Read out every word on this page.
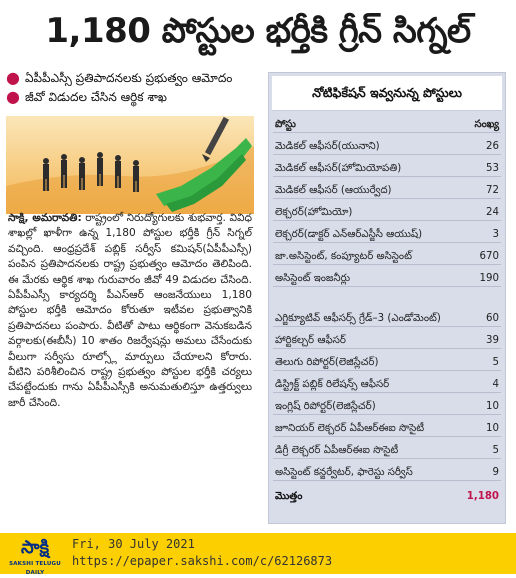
1,180 పోస్టుల భర్తీకి గ్రీన్ సిగ్నల్
● ఏపీపీఎస్సీ ప్రతిపాదనలకు ప్రభుత్వం ఆమోదం
● జీవో విడుదల చేసిన ఆర్థిక శాఖ
సాక్షి, అమరావతి: రాష్ట్రంలో నిరుద్యోగులకు శుభవార్త. వివిధ శాఖల్లో ఖాళీగా ఉన్న 1,180 పోస్టుల భర్తీకి గ్రీన్ సిగ్నల్ వచ్చింది. ఆంధ్రప్రదేశ్ పబ్లిక్ సర్వీస్ కమిషన్(ఏపీపీఎస్సీ) పంపిన ప్రతిపాదనలకు రాష్ట్ర ప్రభుత్వం ఆమోదం తెలిపింది. ఈ మేరకు ఆర్థిక శాఖ గురువారం జీవో 49 విడుదల చేసింది. ఏపీపీఎస్సీ కార్యదర్శి పీఎస్ఆర్ ఆంజనేయులు 1,180 పోస్టుల భర్తీకి ఆమోదం కోరుతూ ఇటీవల ప్రభుత్వానికి ప్రతిపాదనలు పంపారు. వీటితో పాటు ఆర్థికంగా వెనుకబడిన వర్గాలకు(ఈబీసీ) 10 శాతం రిజర్వేషన్లు అమలు చేసేందుకు వీలుగా సర్వీసు రూల్స్లో మార్పులు చేయాలని కోరారు. వీటిని పరిశీలించిన రాష్ట్ర ప్రభుత్వం పోస్టుల భర్తీకి చర్యలు చేపట్టేందుకు గాను ఏపీపీఎస్సీకి అనుమతులిస్తూ ఉత్తర్వులు జారీ చేసింది.
నోటిఫికేషన్ ఇవ్వనున్న పోస్టులు
పోస్టు	సంఖ్య
మెడికల్ ఆఫీసర్(యునాని)	26
మెడికల్ ఆఫీసర్(హోమియోపతి)	53
మెడికల్ ఆఫీసర్ (ఆయుర్వేద)	72
లెక్చరర్(హోమియో)	24
లెక్చరర్(డాక్టర్ ఎన్ఆర్ఎస్జీసీ ఆయుష్)	3
జా.అసిస్టెంట్, కంప్యూటర్ అసిస్టెంట్	670
అసిస్టెంట్ ఇంజనీర్లు	190
ఎగ్జిక్యూటివ్ ఆఫీసర్స్ గ్రేడ్–3 (ఎండోమెంట్)	60
హార్టికల్చర్ ఆఫీసర్	39
తెలుగు రిపోర్టర్(లెజిస్లేచర్)	5
డిస్ట్రిక్ట్ పబ్లిక్ రిలేషన్స్ ఆఫీసర్	4
ఇంగ్లిష్ రిపోర్టర్(లెజిస్లేచర్)	10
జూనియర్ లెక్చరర్ ఏపీఆర్ఈఐ సొసైటీ	10
డిగ్రీ లెక్చరర్ ఏపీఆర్ఈఐ సొసైటీ	5
అసిస్టెంట్ కన్జర్వేటర్, ఫారెస్టు సర్వీస్	9
మొత్తం	1,180
సాక్షి
SAKSHI TELUGU DAILY
Fri, 30 July 2021
https://epaper.sakshi.com/c/62126873
